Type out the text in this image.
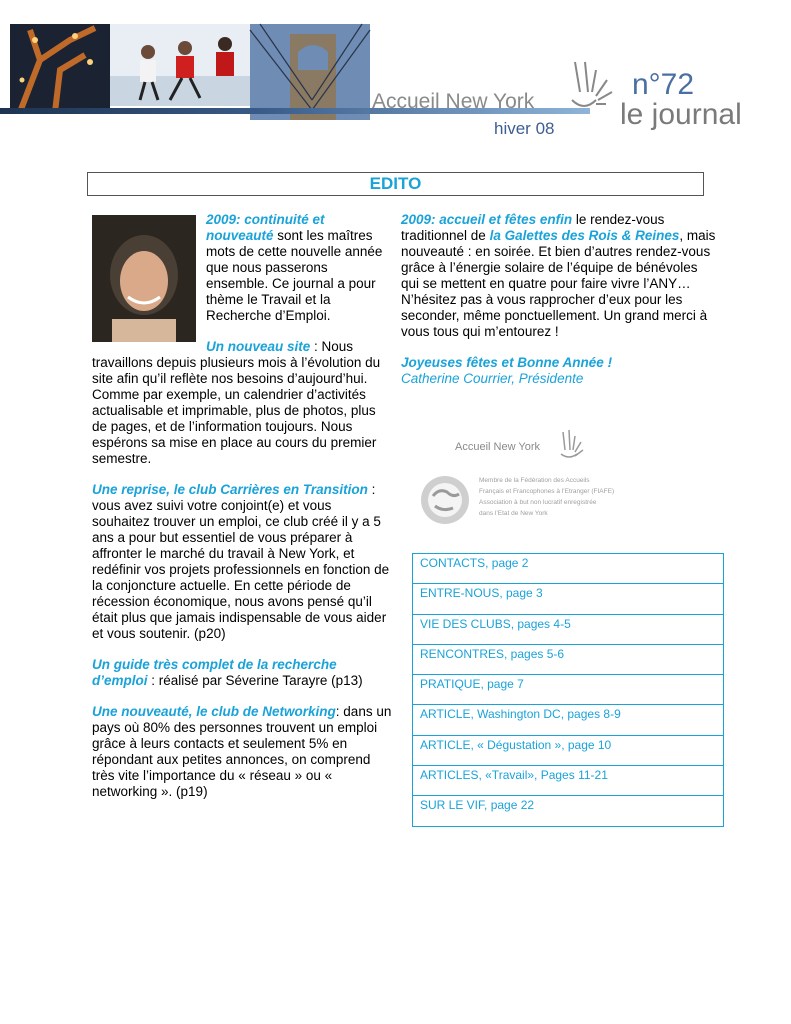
Accueil New York
hiver 08
n°72
le journal
EDITO

2009: continuité et nouveauté sont les maîtres mots de cette nouvelle année que nous passerons ensemble. Ce journal a pour thème le Travail et la Recherche d’Emploi.

Un nouveau site : Nous travaillons depuis plusieurs mois à l’évolution du site afin qu’il reflète nos besoins d’aujourd’hui. Comme par exemple, un calendrier d’activités actualisable et imprimable, plus de photos, plus de pages, et de l’information toujours. Nous espérons sa mise en place au cours du premier semestre.

Une reprise, le club Carrières en Transition : vous avez suivi votre conjoint(e) et vous souhaitez trouver un emploi, ce club créé il y a 5 ans a pour but essentiel de vous préparer à affronter le marché du travail à New York, et redéfinir vos projets professionnels en fonction de la conjoncture actuelle. En cette période de récession économique, nous avons pensé qu’il était plus que jamais indispensable de vous aider et vous soutenir. (p20)

Un guide très complet de la recherche d’emploi : réalisé par Séverine Tarayre (p13)

Une nouveauté, le club de Networking: dans un pays où 80% des personnes trouvent un emploi grâce à leurs contacts et seulement 5% en répondant aux petites annonces, on comprend très vite l’importance du « réseau » ou « networking ». (p19)

2009: accueil et fêtes enfin le rendez-vous traditionnel de la Galettes des Rois & Reines, mais nouveauté : en soirée. Et bien d’autres rendez-vous grâce à l’énergie solaire de l’équipe de bénévoles qui se mettent en quatre pour faire vivre l’ANY… N’hésitez pas à vous rapprocher d’eux pour les seconder, même ponctuellement. Un grand merci à vous tous qui m’entourez !

Joyeuses fêtes et Bonne Année !
Catherine Courrier, Présidente

Accueil New York
Membre de la Fédération des Accueils
Français et Francophones à l’Etranger (FIAFE)
Association à but non lucratif enregistrée
dans l’Etat de New York
CONTACTS, page 2
ENTRE-NOUS, page 3
VIE DES CLUBS, pages 4-5
RENCONTRES, pages 5-6
PRATIQUE, page 7
ARTICLE, Washington DC, pages 8-9
ARTICLE, « Dégustation », page 10
ARTICLES, «Travail», Pages 11-21
SUR LE VIF, page 22
